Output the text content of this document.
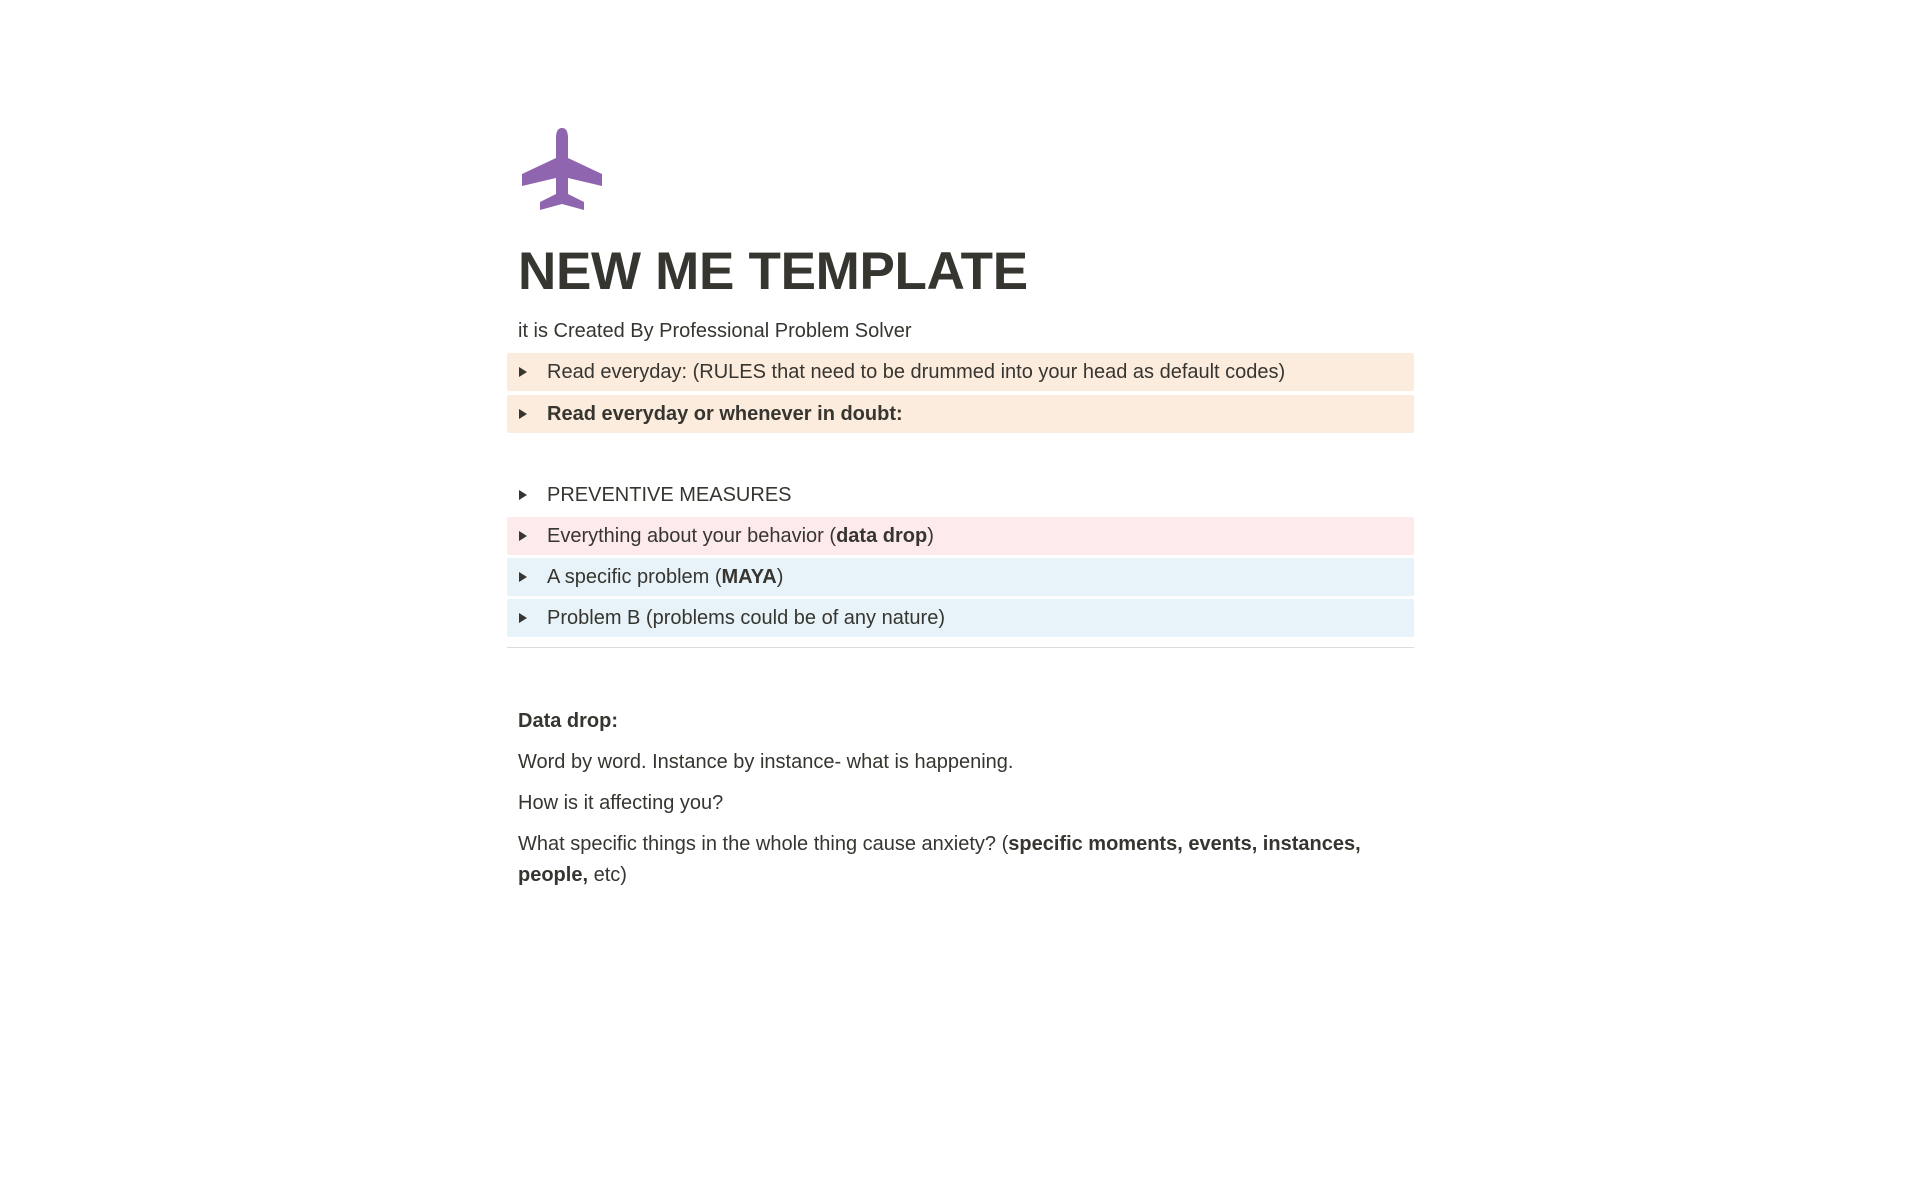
NEW ME TEMPLATE
it is Created By Professional Problem Solver
Read everyday: (RULES that need to be drummed into your head as default codes)
Read everyday or whenever in doubt:
PREVENTIVE MEASURES
Everything about your behavior (data drop)
A specific problem (MAYA)
Problem B (problems could be of any nature)
Data drop:
Word by word. Instance by instance- what is happening.
How is it affecting you?
What specific things in the whole thing cause anxiety? (specific moments, events, instances, people, etc)
